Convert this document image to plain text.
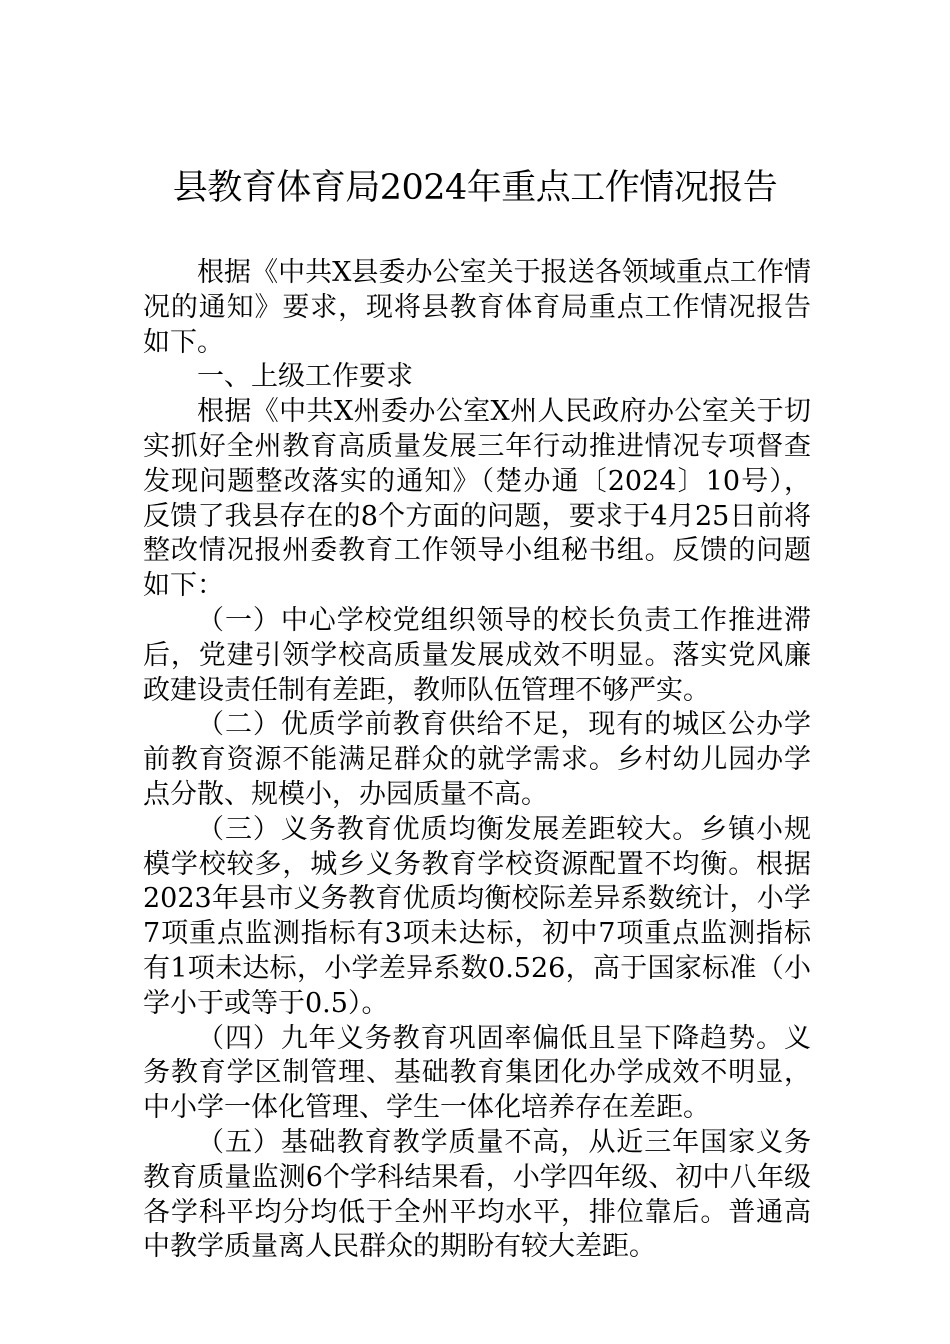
县教育体育局2024年重点工作情况报告

根据《中共X县委办公室关于报送各领域重点工作情况的通知》要求，现将县教育体育局重点工作情况报告如下。

一、上级工作要求

根据《中共X州委办公室X州人民政府办公室关于切实抓好全州教育高质量发展三年行动推进情况专项督查发现问题整改落实的通知》（楚办通〔2024〕10号），反馈了我县存在的8个方面的问题，要求于4月25日前将整改情况报州委教育工作领导小组秘书组。反馈的问题如下：

（一）中心学校党组织领导的校长负责工作推进滞后，党建引领学校高质量发展成效不明显。落实党风廉政建设责任制有差距，教师队伍管理不够严实。

（二）优质学前教育供给不足，现有的城区公办学前教育资源不能满足群众的就学需求。乡村幼儿园办学点分散、规模小，办园质量不高。

（三）义务教育优质均衡发展差距较大。乡镇小规模学校较多，城乡义务教育学校资源配置不均衡。根据2023年县市义务教育优质均衡校际差异系数统计，小学7项重点监测指标有3项未达标，初中7项重点监测指标有1项未达标，小学差异系数0.526，高于国家标准（小学小于或等于0.5）。

（四）九年义务教育巩固率偏低且呈下降趋势。义务教育学区制管理、基础教育集团化办学成效不明显，中小学一体化管理、学生一体化培养存在差距。

（五）基础教育教学质量不高，从近三年国家义务教育质量监测6个学科结果看，小学四年级、初中八年级各学科平均分均低于全州平均水平，排位靠后。普通高中教学质量离人民群众的期盼有较大差距。
